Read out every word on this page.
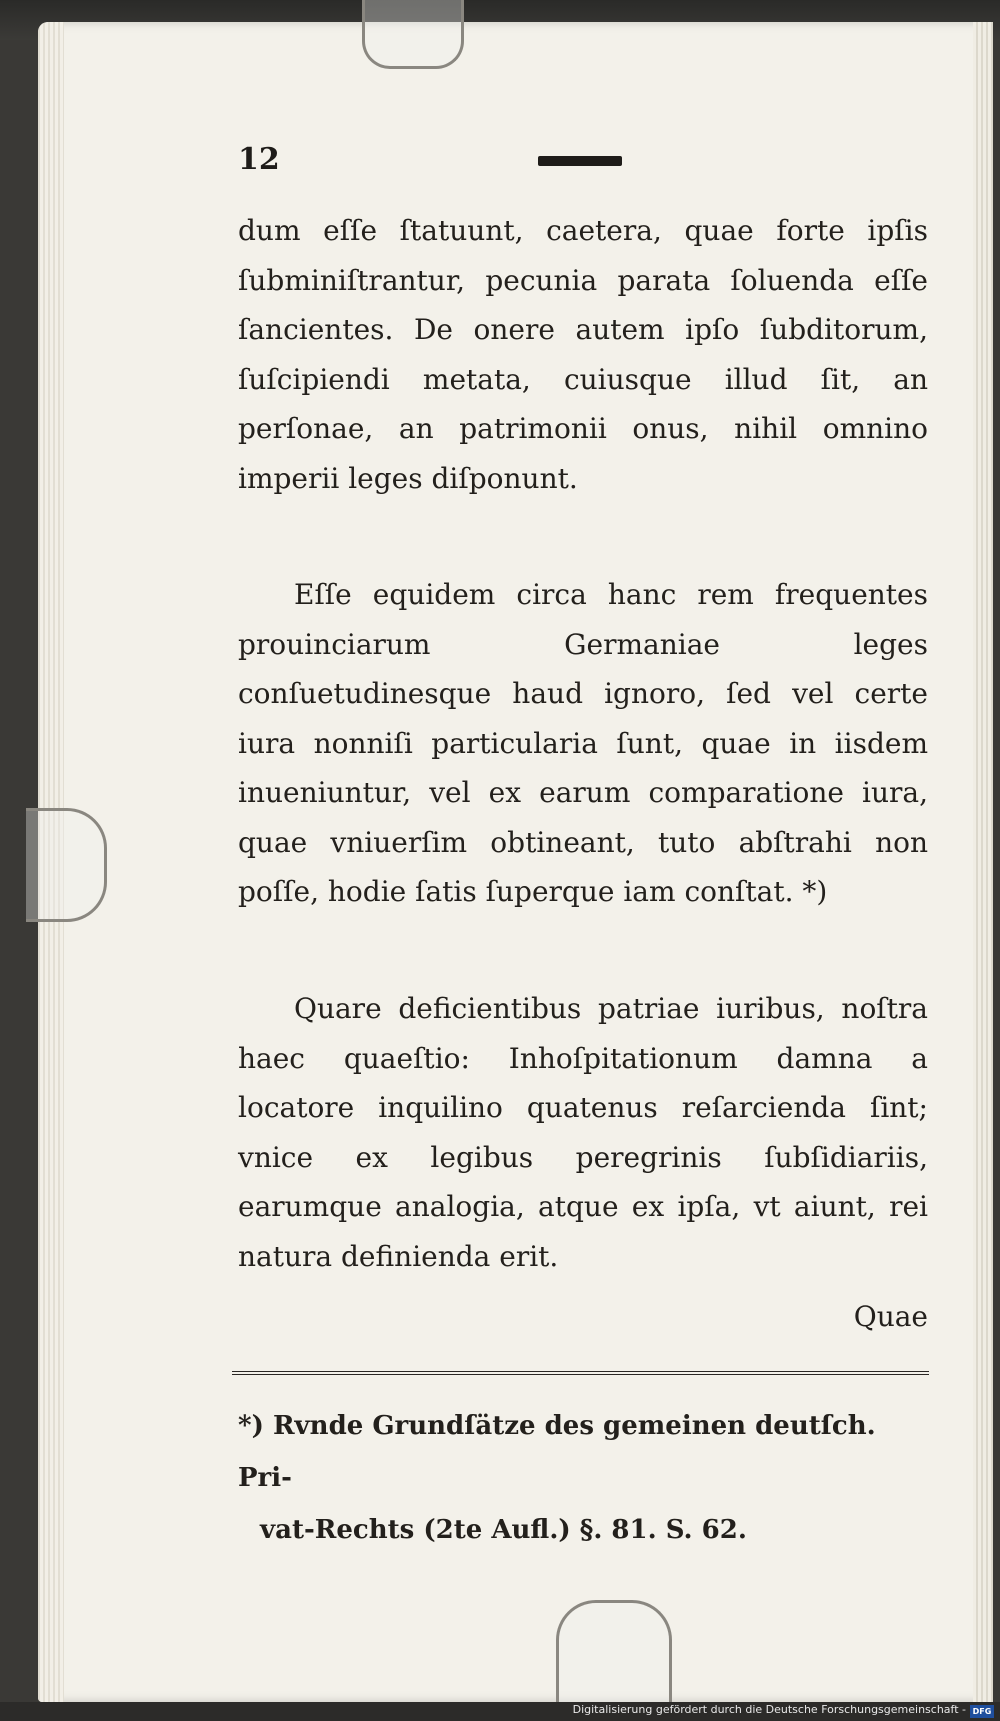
12
dum eſſe ſtatuunt, caetera, quae forte ipſis ſubminiſtrantur, pecunia parata ſoluenda eſſe ſancientes. De onere autem ipſo ſubditorum, ſuſcipiendi metata, cuiusque illud ſit, an perſonae, an patrimonii onus, nihil omnino imperii leges diſponunt.
Eſſe equidem circa hanc rem frequentes prouinciarum Germaniae leges conſuetudinesque haud ignoro, ſed vel certe iura nonniſi particularia ſunt, quae in iisdem inueniuntur, vel ex earum comparatione iura, quae vniuerſim obtineant, tuto abſtrahi non poſſe, hodie ſatis ſuperque iam conſtat. *)
Quare deficientibus patriae iuribus, noſtra haec quaeſtio: Inhoſpitationum damna a locatore inquilino quatenus reſarcienda ſint; vnice ex legibus peregrinis ſubſidiariis, earumque analogia, atque ex ipſa, vt aiunt, rei natura definienda erit.
Quae
*) Rvnde Grundſätze des gemeinen deutſch. Pri-
vat-Rechts (2te Aufl.) §. 81. S. 62.
Digitalisierung gefördert durch die Deutsche Forschungsgemeinschaft - DFG
